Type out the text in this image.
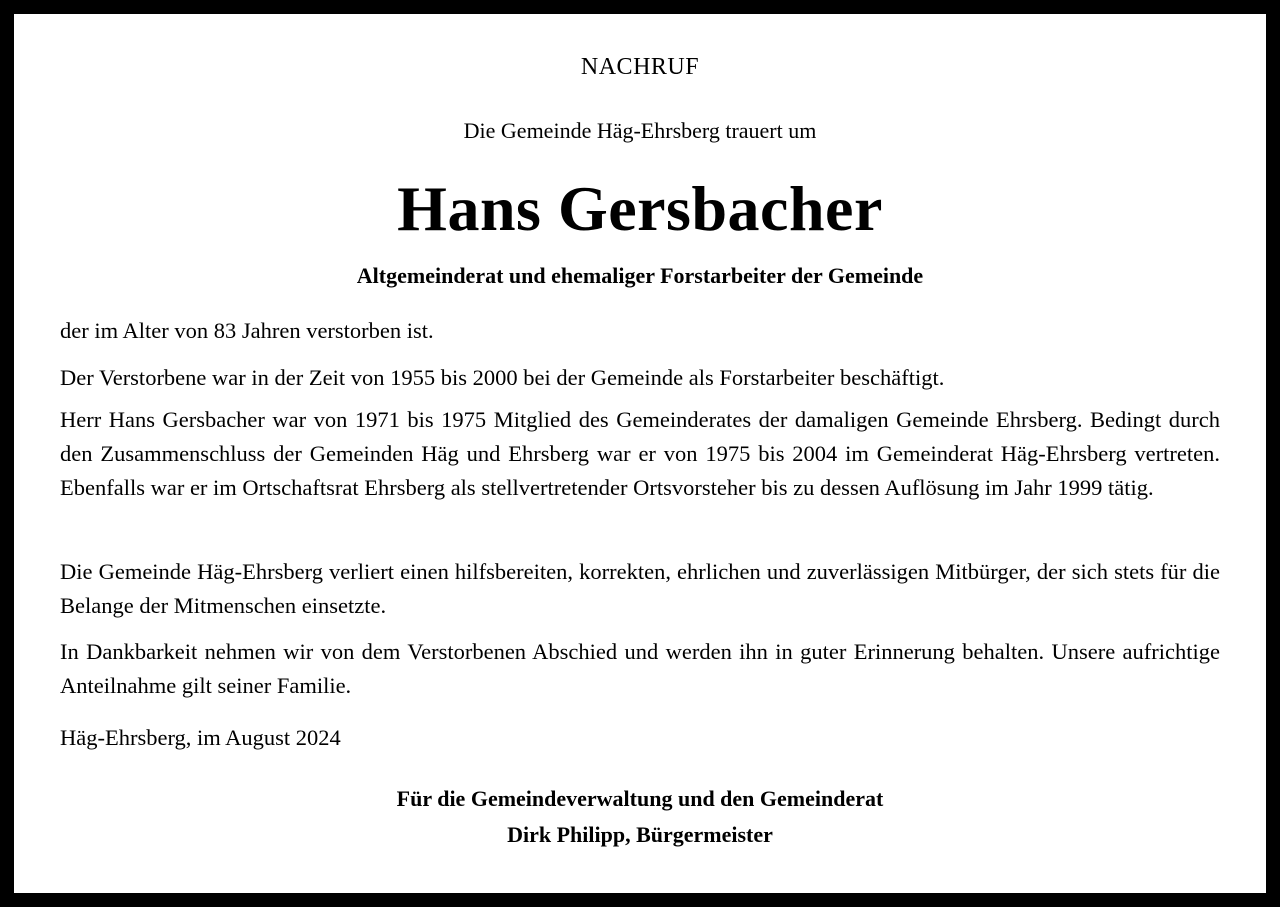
NACHRUF
Die Gemeinde Häg-Ehrsberg trauert um
Hans Gersbacher
Altgemeinderat und ehemaliger Forstarbeiter der Gemeinde

der im Alter von 83 Jahren verstorben ist.

Der Verstorbene war in der Zeit von 1955 bis 2000 bei der Gemeinde als Forstarbeiter beschäftigt.

Herr Hans Gersbacher war von 1971 bis 1975 Mitglied des Gemeinderates der damaligen Gemeinde Ehrsberg. Bedingt durch den Zusammenschluss der Gemeinden Häg und Ehrsberg war er von 1975 bis 2004 im Gemeinderat Häg-Ehrsberg vertreten. Ebenfalls war er im Ortschaftsrat Ehrsberg als stellvertretender Ortsvorsteher bis zu dessen Auflösung im Jahr 1999 tätig.

Die Gemeinde Häg-Ehrsberg verliert einen hilfsbereiten, korrekten, ehrlichen und zuverlässigen Mitbürger, der sich stets für die Belange der Mitmenschen einsetzte.

In Dankbarkeit nehmen wir von dem Verstorbenen Abschied und werden ihn in guter Erinnerung behalten. Unsere aufrichtige Anteilnahme gilt seiner Familie.

Häg-Ehrsberg, im August 2024

Für die Gemeindeverwaltung und den Gemeinderat
Dirk Philipp, Bürgermeister
